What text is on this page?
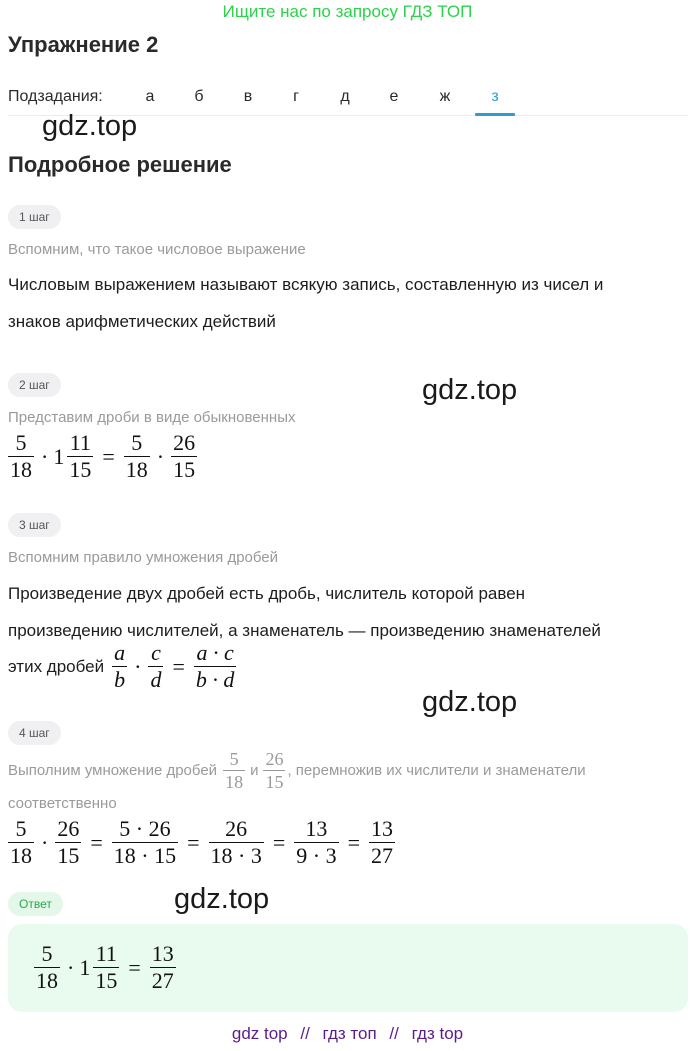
Ищите нас по запросу ГДЗ ТОП
Упражнение 2
Подзадания:	а	б	в	г	д	е	ж	з
gdz.top
gdz.top
gdz.top
gdz.top
Подробное решение
1 шаг
Вспомним, что такое числовое выражение
Числовым выражением называют всякую запись, составленную из чисел и
знаков арифметических действий
2 шаг
Представим дроби в виде обыкновенных
$\frac{5}{18} \cdot 1 \frac{11}{15} = \frac{5}{18} \cdot \frac{26}{15}$
3 шаг
Вспомним правило умножения дробей
Произведение двух дробей есть дробь, числитель которой равен
произведению числителей, а знаменатель — произведению знаменателей
этих дробей $\frac{a}{b} \cdot \frac{c}{d} = \frac{a \cdot c}{b \cdot d}$
4 шаг
Выполним умножение дробей $\frac{5}{18}$ и $\frac{26}{15}$ , перемножив их числители и знаменатели
соответственно
$\frac{5}{18} \cdot \frac{26}{15} = \frac{5 \cdot 26}{18 \cdot 15} = \frac{26}{18 \cdot 3} = \frac{13}{9 \cdot 3} = \frac{13}{27}$
Ответ
$\frac{5}{18} \cdot 1 \frac{11}{15} = \frac{13}{27}$
gdz top // гдз топ // гдз top
